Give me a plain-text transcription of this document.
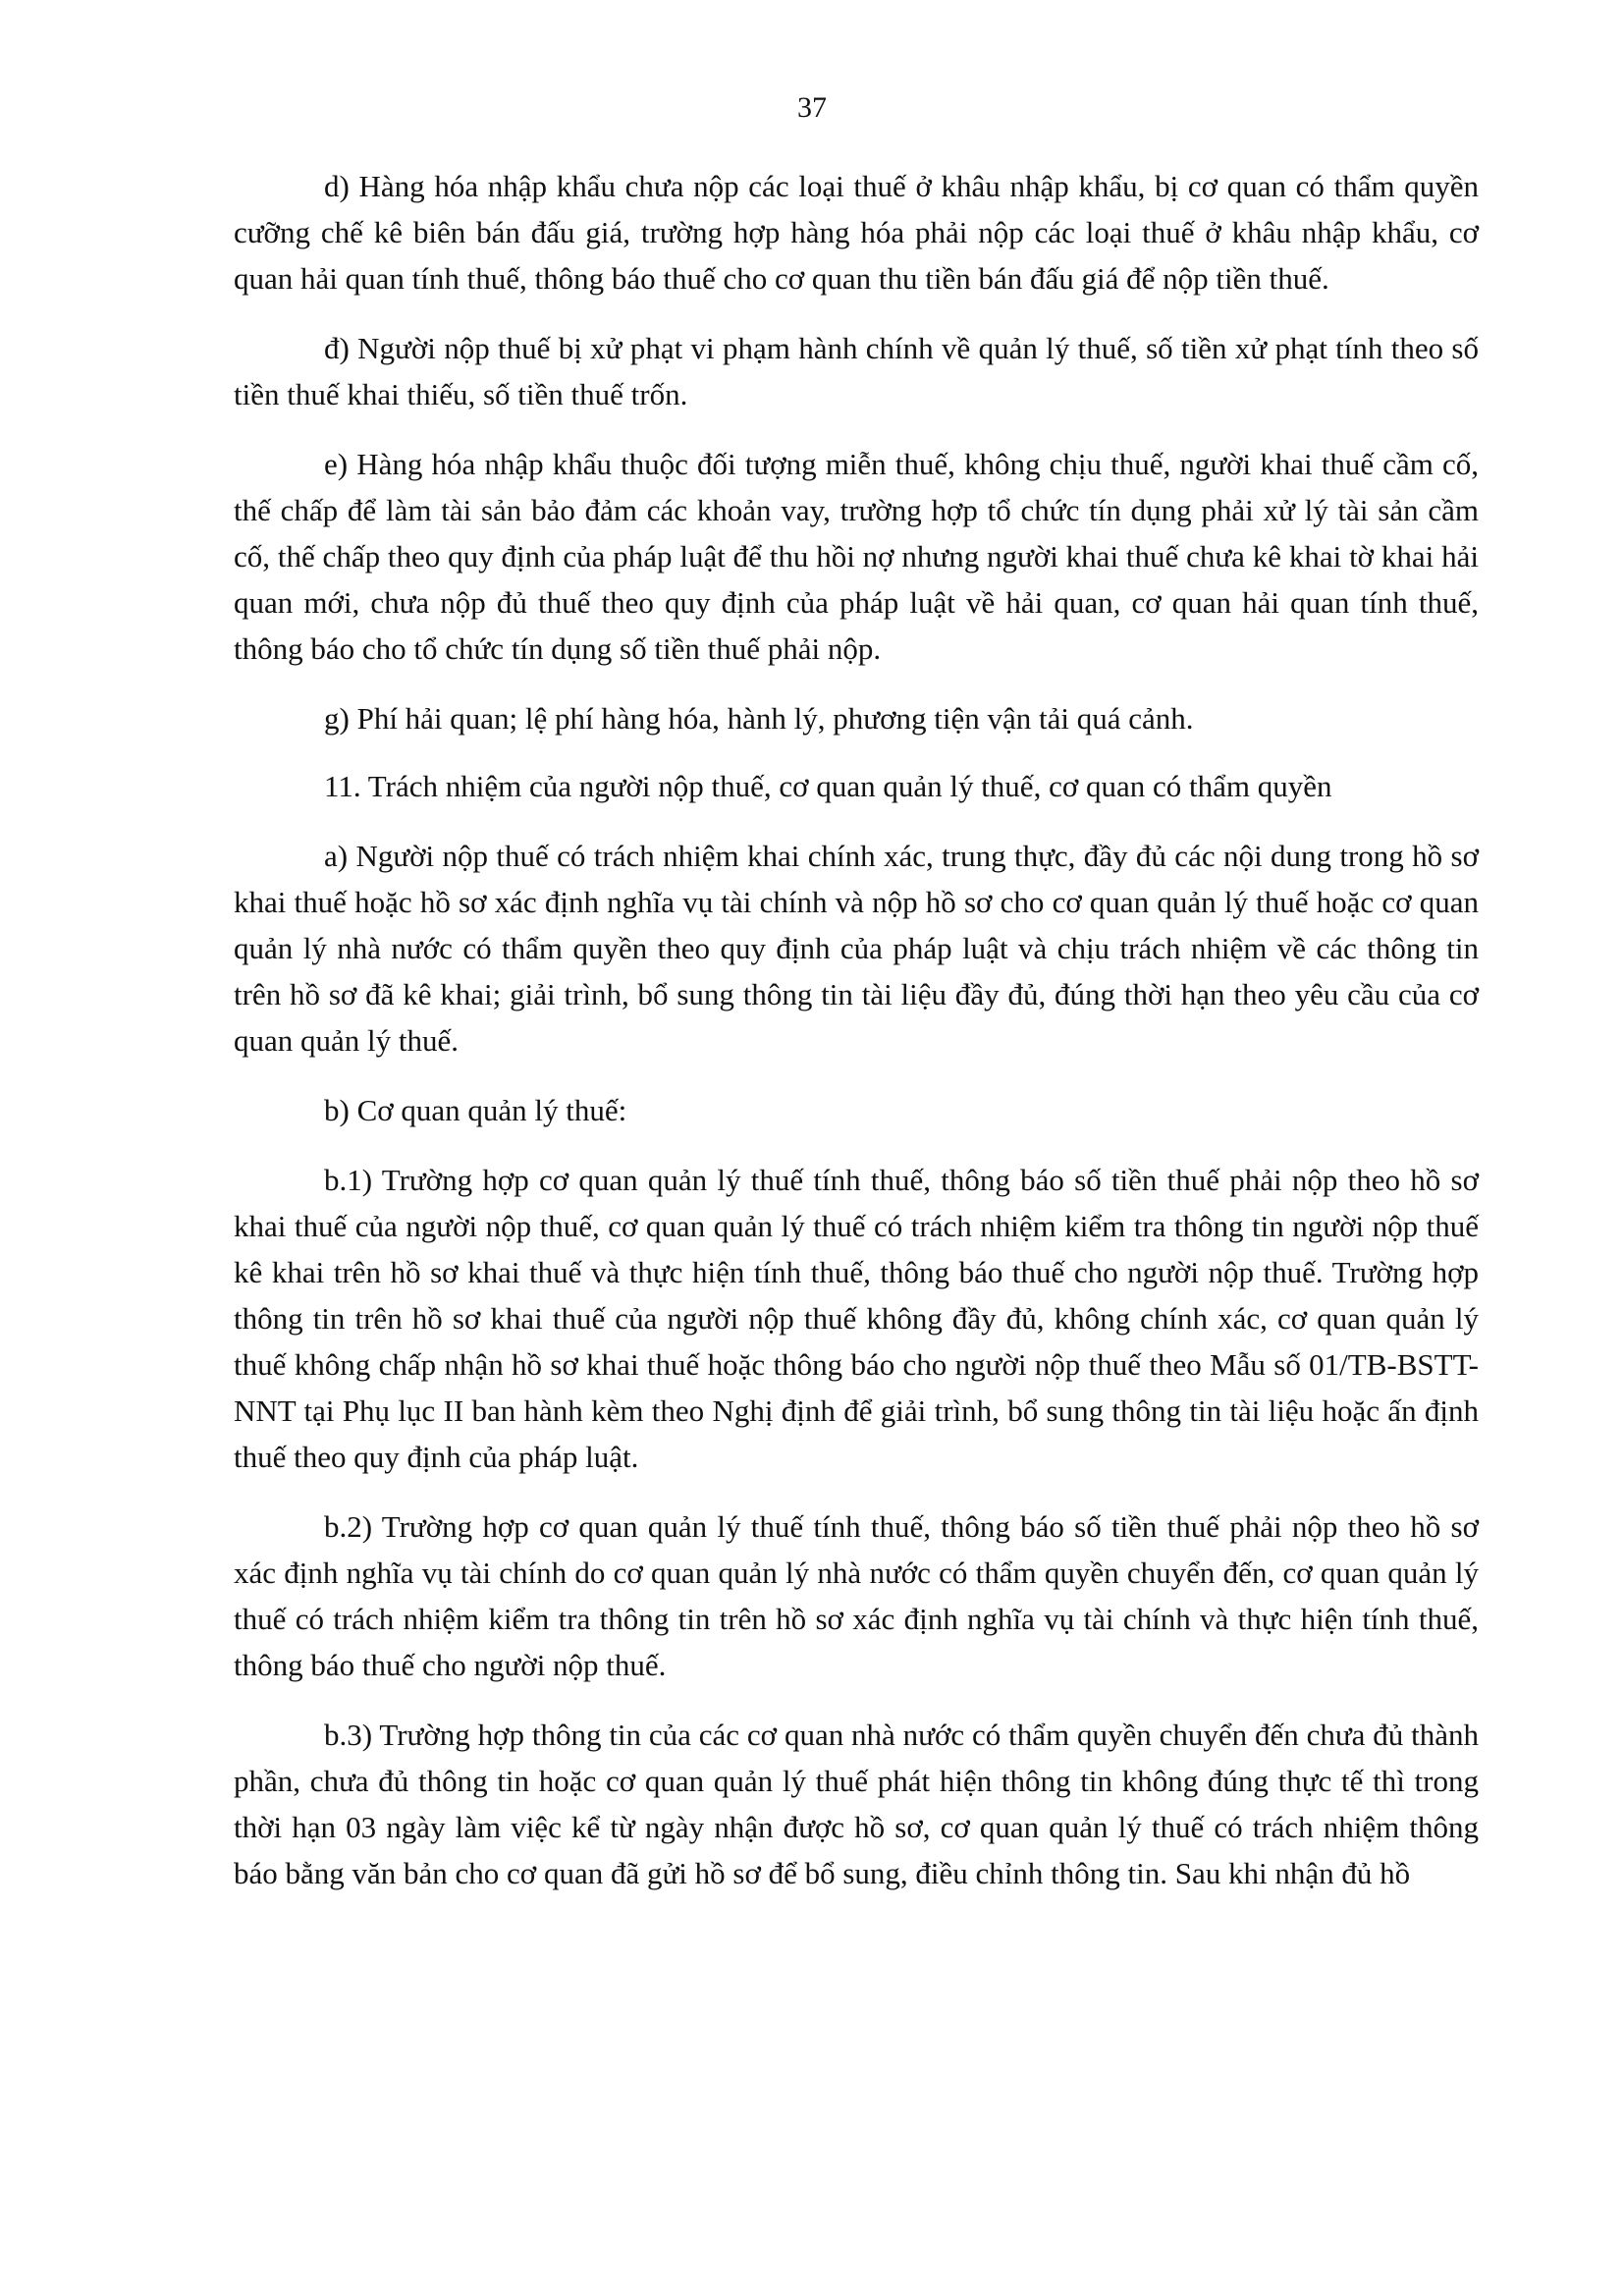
37

d) Hàng hóa nhập khẩu chưa nộp các loại thuế ở khâu nhập khẩu, bị cơ quan có thẩm quyền cưỡng chế kê biên bán đấu giá, trường hợp hàng hóa phải nộp các loại thuế ở khâu nhập khẩu, cơ quan hải quan tính thuế, thông báo thuế cho cơ quan thu tiền bán đấu giá để nộp tiền thuế.

đ) Người nộp thuế bị xử phạt vi phạm hành chính về quản lý thuế, số tiền xử phạt tính theo số tiền thuế khai thiếu, số tiền thuế trốn.

e) Hàng hóa nhập khẩu thuộc đối tượng miễn thuế, không chịu thuế, người khai thuế cầm cố, thế chấp để làm tài sản bảo đảm các khoản vay, trường hợp tổ chức tín dụng phải xử lý tài sản cầm cố, thế chấp theo quy định của pháp luật để thu hồi nợ nhưng người khai thuế chưa kê khai tờ khai hải quan mới, chưa nộp đủ thuế theo quy định của pháp luật về hải quan, cơ quan hải quan tính thuế, thông báo cho tổ chức tín dụng số tiền thuế phải nộp.

g) Phí hải quan; lệ phí hàng hóa, hành lý, phương tiện vận tải quá cảnh.

11. Trách nhiệm của người nộp thuế, cơ quan quản lý thuế, cơ quan có thẩm quyền

a) Người nộp thuế có trách nhiệm khai chính xác, trung thực, đầy đủ các nội dung trong hồ sơ khai thuế hoặc hồ sơ xác định nghĩa vụ tài chính và nộp hồ sơ cho cơ quan quản lý thuế hoặc cơ quan quản lý nhà nước có thẩm quyền theo quy định của pháp luật và chịu trách nhiệm về các thông tin trên hồ sơ đã kê khai; giải trình, bổ sung thông tin tài liệu đầy đủ, đúng thời hạn theo yêu cầu của cơ quan quản lý thuế.

b) Cơ quan quản lý thuế:

b.1) Trường hợp cơ quan quản lý thuế tính thuế, thông báo số tiền thuế phải nộp theo hồ sơ khai thuế của người nộp thuế, cơ quan quản lý thuế có trách nhiệm kiểm tra thông tin người nộp thuế kê khai trên hồ sơ khai thuế và thực hiện tính thuế, thông báo thuế cho người nộp thuế. Trường hợp thông tin trên hồ sơ khai thuế của người nộp thuế không đầy đủ, không chính xác, cơ quan quản lý thuế không chấp nhận hồ sơ khai thuế hoặc thông báo cho người nộp thuế theo Mẫu số 01/TB-BSTT-NNT tại Phụ lục II ban hành kèm theo Nghị định để giải trình, bổ sung thông tin tài liệu hoặc ấn định thuế theo quy định của pháp luật.

b.2) Trường hợp cơ quan quản lý thuế tính thuế, thông báo số tiền thuế phải nộp theo hồ sơ xác định nghĩa vụ tài chính do cơ quan quản lý nhà nước có thẩm quyền chuyển đến, cơ quan quản lý thuế có trách nhiệm kiểm tra thông tin trên hồ sơ xác định nghĩa vụ tài chính và thực hiện tính thuế, thông báo thuế cho người nộp thuế.

b.3) Trường hợp thông tin của các cơ quan nhà nước có thẩm quyền chuyển đến chưa đủ thành phần, chưa đủ thông tin hoặc cơ quan quản lý thuế phát hiện thông tin không đúng thực tế thì trong thời hạn 03 ngày làm việc kể từ ngày nhận được hồ sơ, cơ quan quản lý thuế có trách nhiệm thông báo bằng văn bản cho cơ quan đã gửi hồ sơ để bổ sung, điều chỉnh thông tin. Sau khi nhận đủ hồ
